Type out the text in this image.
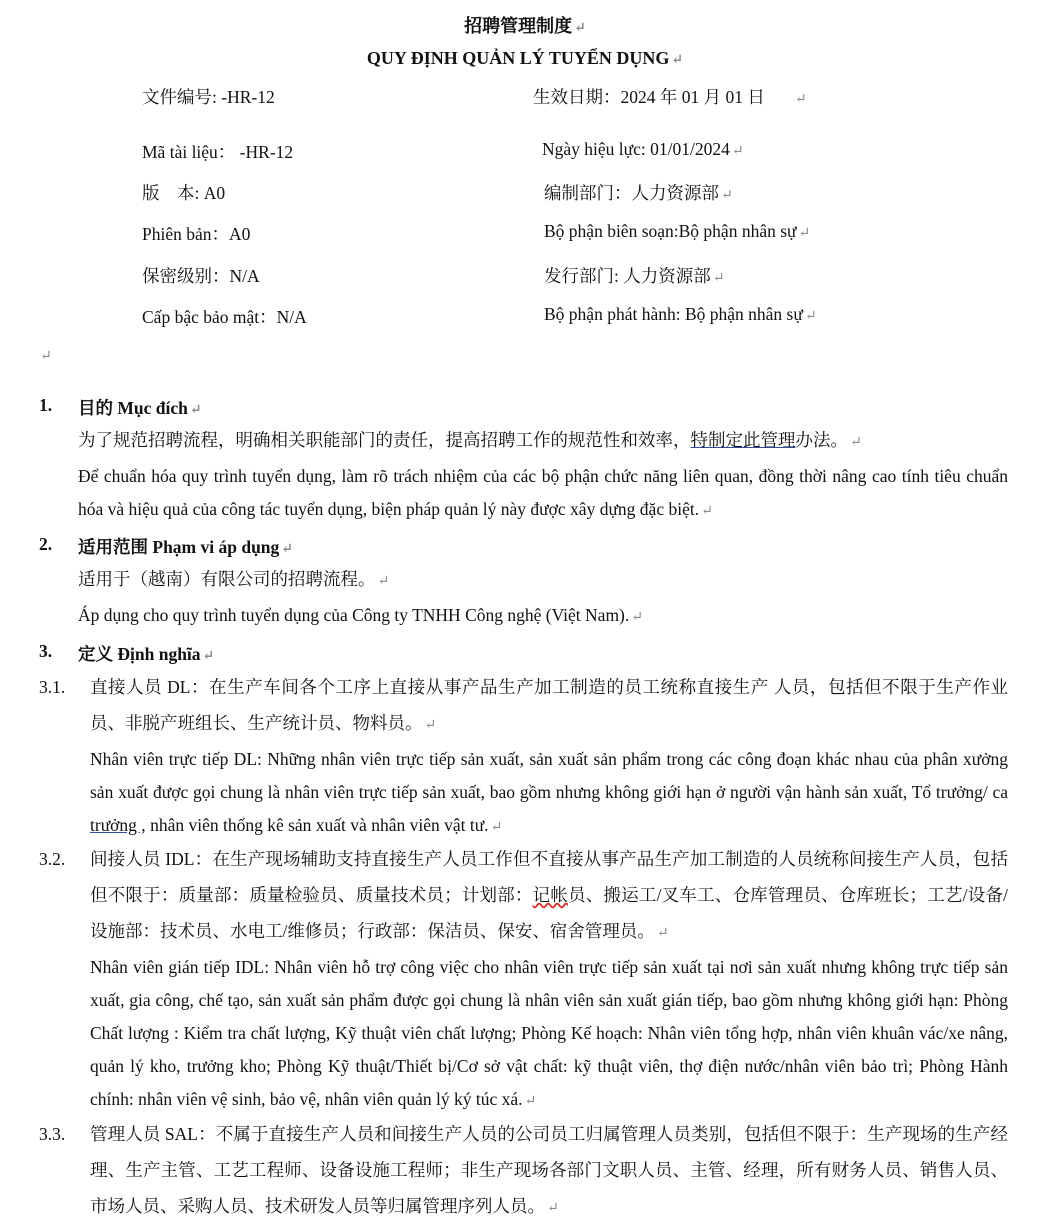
招聘管理制度 ↵
QUY ĐỊNH QUẢN LÝ TUYỂN DỤNG ↵
文件编号: -HR-12	生效日期：2024 年 01 月 01 日 ↵
Mã tài liệu： -HR-12	Ngày hiệu lực: 01/01/2024 ↵
版　本: A0	编制部门：人力资源部 ↵
Phiên bản：A0	Bộ phận biên soạn:Bộ phận nhân sự ↵
保密级别：N/A	发行部门: 人力资源部 ↵
Cấp bậc bảo mật：N/A	Bộ phận phát hành: Bộ phận nhân sự ↵
↵
1. 目的 Mục đích ↵
为了规范招聘流程，明确相关职能部门的责任，提高招聘工作的规范性和效率，特制定此管理办法。 ↵
Để chuẩn hóa quy trình tuyển dụng, làm rõ trách nhiệm của các bộ phận chức năng liên quan, đồng thời nâng cao tính tiêu chuẩn hóa và hiệu quả của công tác tuyển dụng, biện pháp quản lý này được xây dựng đặc biệt. ↵
2. 适用范围 Phạm vi áp dụng ↵
适用于（越南）有限公司的招聘流程。 ↵
Áp dụng cho quy trình tuyển dụng của Công ty TNHH Công nghệ (Việt Nam). ↵
3. 定义 Định nghĩa ↵
3.1. 直接人员 DL：在生产车间各个工序上直接从事产品生产加工制造的员工统称直接生产 人员，包括但不限于生产作业员、非脱产班组长、生产统计员、物料员。 ↵
Nhân viên trực tiếp DL: Những nhân viên trực tiếp sản xuất, sản xuất sản phẩm trong các công đoạn khác nhau của phân xưởng sản xuất được gọi chung là nhân viên trực tiếp sản xuất, bao gồm nhưng không giới hạn ở người vận hành sản xuất, Tổ trưởng/ ca trưởng , nhân viên thống kê sản xuất và nhân viên vật tư. ↵
3.2. 间接人员 IDL：在生产现场辅助支持直接生产人员工作但不直接从事产品生产加工制造的人员统称间接生产人员，包括但不限于：质量部：质量检验员、质量技术员；计划部：记帐员、搬运工/叉车工、仓库管理员、仓库班长；工艺/设备/设施部：技术员、水电工/维修员；行政部：保洁员、保安、宿舍管理员。 ↵
Nhân viên gián tiếp IDL: Nhân viên hỗ trợ công việc cho nhân viên trực tiếp sản xuất tại nơi sản xuất nhưng không trực tiếp sản xuất, gia công, chế tạo, sản xuất sản phẩm được gọi chung là nhân viên sản xuất gián tiếp, bao gồm nhưng không giới hạn: Phòng Chất lượng : Kiểm tra chất lượng, Kỹ thuật viên chất lượng; Phòng Kế hoạch: Nhân viên tổng hợp, nhân viên khuân vác/xe nâng, quản lý kho, trưởng kho; Phòng Kỹ thuật/Thiết bị/Cơ sở vật chất: kỹ thuật viên, thợ điện nước/nhân viên bảo trì; Phòng Hành chính: nhân viên vệ sinh, bảo vệ, nhân viên quản lý ký túc xá. ↵
3.3. 管理人员 SAL：不属于直接生产人员和间接生产人员的公司员工归属管理人员类别，包括但不限于：生产现场的生产经理、生产主管、工艺工程师、设备设施工程师；非生产现场各部门文职人员、主管、经理，所有财务人员、销售人员、市场人员、采购人员、技术研发人员等归属管理序列人员。 ↵
